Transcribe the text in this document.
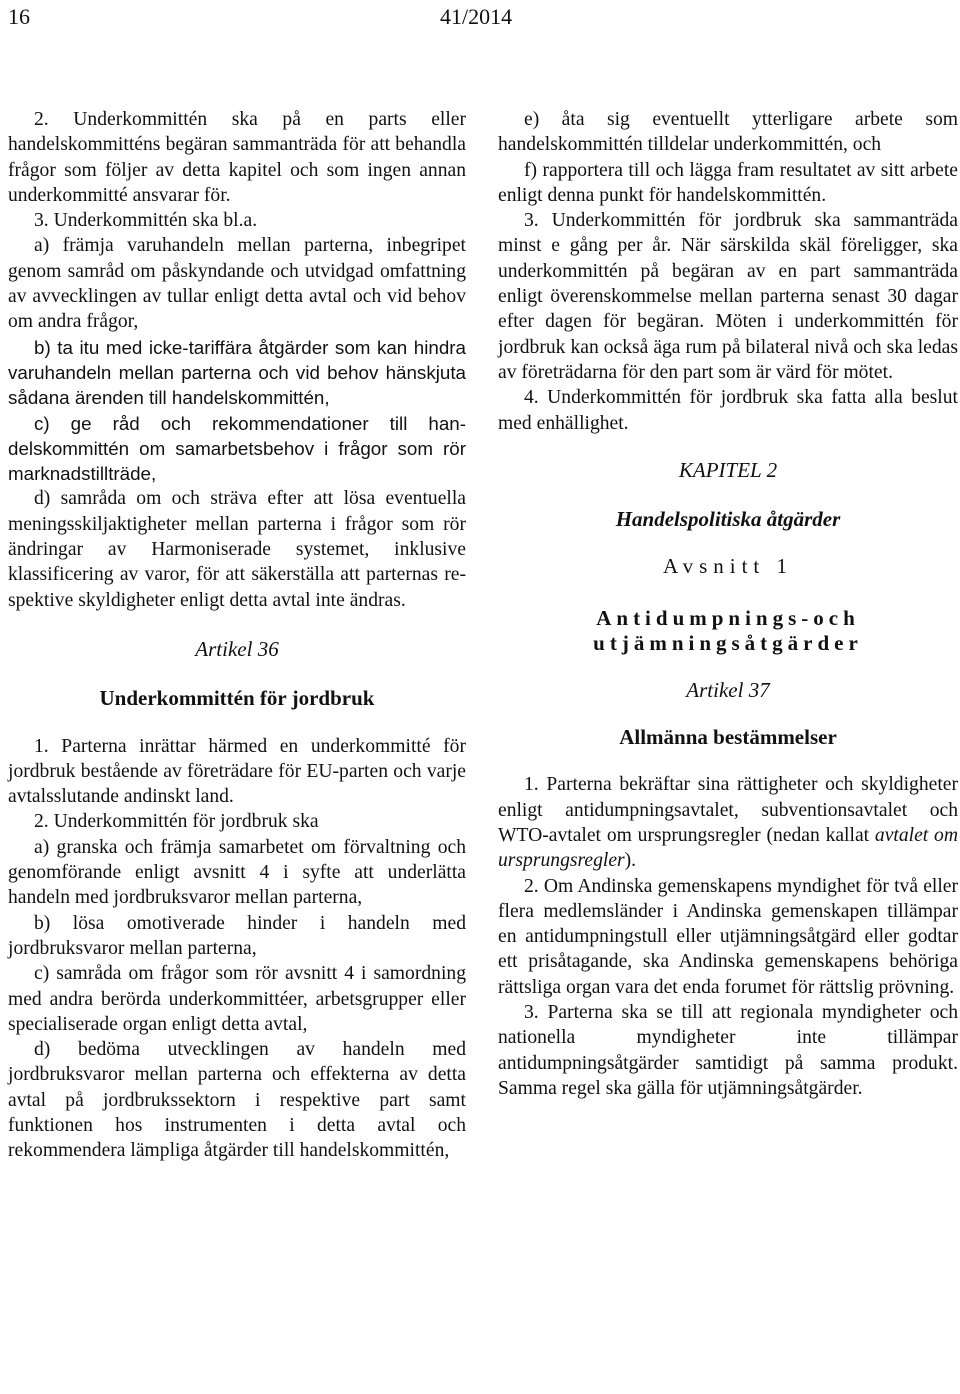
16	41/2014

2. Underkommittén ska på en parts eller handelskommitténs begäran sammanträda för att behandla frågor som följer av detta kapitel och som ingen annan underkommitté ansvarar för.

3. Underkommittén ska bl.a.

a) främja varuhandeln mellan parterna, inbegripet genom samråd om påskyndande och utvidgad omfattning av avvecklingen av tullar enligt detta avtal och vid behov om andra frågor,

b) ta itu med icke-tariffära åtgärder som kan hindra varuhandeln mellan parterna och vid behov hänskjuta sådana ärenden till handelskommittén,

c) ge råd och rekommendationer till handelskommittén om samarbetsbehov i frågor som rör marknadstillträde,

d) samråda om och sträva efter att lösa eventuella meningsskiljaktigheter mellan parterna i frågor som rör ändringar av Harmoniserade systemet, inklusive klassificering av varor, för att säkerställa att parternas respektive skyldigheter enligt detta avtal inte ändras.

Artikel 36

Underkommittén för jordbruk

1. Parterna inrättar härmed en underkommitté för jordbruk bestående av företrädare för EU-parten och varje avtalsslutande andinskt land.

2. Underkommittén för jordbruk ska

a) granska och främja samarbetet om förvaltning och genomförande enligt avsnitt 4 i syfte att underlätta handeln med jordbruksvaror mellan parterna,

b) lösa omotiverade hinder i handeln med jordbruksvaror mellan parterna,

c) samråda om frågor som rör avsnitt 4 i samordning med andra berörda underkommittéer, arbetsgrupper eller specialiserade organ enligt detta avtal,

d) bedöma utvecklingen av handeln med jordbruksvaror mellan parterna och effekterna av detta avtal på jordbrukssektorn i respektive part samt funktionen hos instrumenten i detta avtal och rekommendera lämpliga åtgärder till handelskommittén,

e) åta sig eventuellt ytterligare arbete som handelskommittén tilldelar underkommittén, och

f) rapportera till och lägga fram resultatet av sitt arbete enligt denna punkt för handelskommittén.

3. Underkommittén för jordbruk ska sammanträda minst e gång per år. När särskilda skäl föreligger, ska underkommittén på begäran av en part sammanträda enligt överenskommelse mellan parterna senast 30 dagar efter dagen för begäran. Möten i underkommittén för jordbruk kan också äga rum på bilateral nivå och ska ledas av företrädarna för den part som är värd för mötet.

4. Underkommittén för jordbruk ska fatta alla beslut med enhällighet.

KAPITEL 2

Handelspolitiska åtgärder

Avsnitt 1

Antidumpnings-och

utjämningsåtgärder

Artikel 37

Allmänna bestämmelser

1. Parterna bekräftar sina rättigheter och skyldigheter enligt antidumpningsavtalet, subventionsavtalet och WTO-avtalet om ursprungsregler (nedan kallat avtalet om ursprungsregler).

2. Om Andinska gemenskapens myndighet för två eller flera medlemsländer i Andinska gemenskapen tillämpar en antidumpningstull eller utjämningsåtgärd eller godtar ett prisåtagande, ska Andinska gemenskapens behöriga rättsliga organ vara det enda forumet för rättslig prövning.

3. Parterna ska se till att regionala myndigheter och nationella myndigheter inte tillämpar antidumpningsåtgärder samtidigt på samma produkt. Samma regel ska gälla för utjämningsåtgärder.
